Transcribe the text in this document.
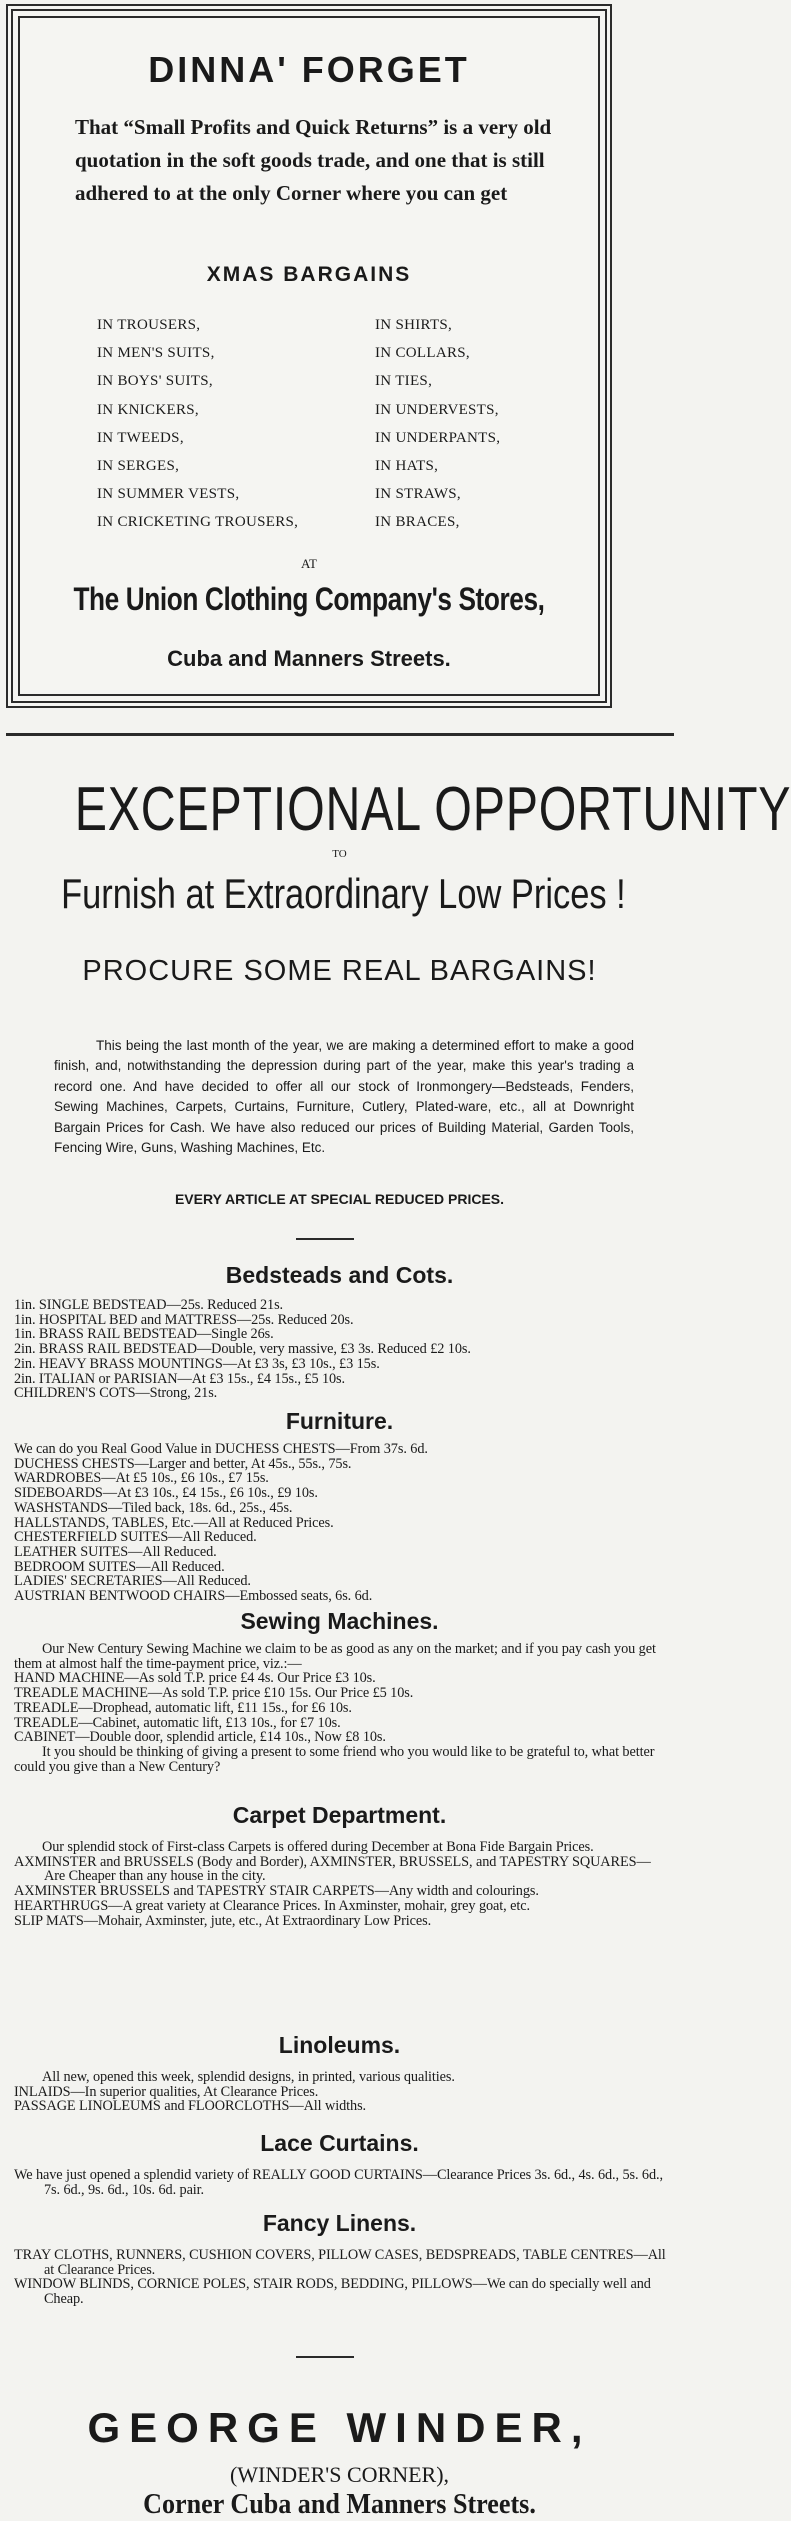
DINNA' FORGET
That “Small Profits and Quick Returns” is a very old quotation in the soft goods trade, and one that is still adhered to at the only Corner where you can get
XMAS BARGAINS
IN TROUSERS,
IN MEN'S SUITS,
IN BOYS' SUITS,
IN KNICKERS,
IN TWEEDS,
IN SERGES,
IN SUMMER VESTS,
IN CRICKETING TROUSERS,
IN SHIRTS,
IN COLLARS,
IN TIES,
IN UNDERVESTS,
IN UNDERPANTS,
IN HATS,
IN STRAWS,
IN BRACES,
AT
The Union Clothing Company's Stores,
Cuba and Manners Streets.
EXCEPTIONAL OPPORTUNITY
TO
Furnish at Extraordinary Low Prices !
PROCURE SOME REAL BARGAINS!
This being the last month of the year, we are making a determined effort to make a good finish, and, notwithstanding the depression during part of the year, make this year's trading a record one. And have decided to offer all our stock of Ironmongery—Bedsteads, Fenders, Sewing Machines, Carpets, Curtains, Furniture, Cutlery, Plated-ware, etc., all at Downright Bargain Prices for Cash. We have also reduced our prices of Building Material, Garden Tools, Fencing Wire, Guns, Washing Machines, Etc.
EVERY ARTICLE AT SPECIAL REDUCED PRICES.
Bedsteads and Cots.

1in. SINGLE BEDSTEAD—25s. Reduced 21s.

1in. HOSPITAL BED and MATTRESS—25s. Reduced 20s.

1in. BRASS RAIL BEDSTEAD—Single 26s.

2in. BRASS RAIL BEDSTEAD—Double, very massive, £3 3s. Reduced £2 10s.

2in. HEAVY BRASS MOUNTINGS—At £3 3s, £3 10s., £3 15s.

2in. ITALIAN or PARISIAN—At £3 15s., £4 15s., £5 10s.

CHILDREN'S COTS—Strong, 21s.

Furniture.

We can do you Real Good Value in DUCHESS CHESTS—From 37s. 6d.

DUCHESS CHESTS—Larger and better, At 45s., 55s., 75s.

WARDROBES—At £5 10s., £6 10s., £7 15s.

SIDEBOARDS—At £3 10s., £4 15s., £6 10s., £9 10s.

WASHSTANDS—Tiled back, 18s. 6d., 25s., 45s.

HALLSTANDS, TABLES, Etc.—All at Reduced Prices.

CHESTERFIELD SUITES—All Reduced.

LEATHER SUITES—All Reduced.

BEDROOM SUITES—All Reduced.

LADIES' SECRETARIES—All Reduced.

AUSTRIAN BENTWOOD CHAIRS—Embossed seats, 6s. 6d.

Sewing Machines.

Our New Century Sewing Machine we claim to be as good as any on the market; and if you pay cash you get them at almost half the time-payment price, viz.:—

HAND MACHINE—As sold T.P. price £4 4s. Our Price £3 10s.

TREADLE MACHINE—As sold T.P. price £10 15s. Our Price £5 10s.

TREADLE—Drophead, automatic lift, £11 15s., for £6 10s.

TREADLE—Cabinet, automatic lift, £13 10s., for £7 10s.

CABINET—Double door, splendid article, £14 10s., Now £8 10s.

It you should be thinking of giving a present to some friend who you would like to be grateful to, what better could you give than a New Century?

Carpet Department.

Our splendid stock of First-class Carpets is offered during December at Bona Fide Bargain Prices.

AXMINSTER and BRUSSELS (Body and Border), AXMINSTER, BRUSSELS, and TAPESTRY SQUARES—Are Cheaper than any house in the city.

AXMINSTER BRUSSELS and TAPESTRY STAIR CARPETS—Any width and colourings.

HEARTHRUGS—A great variety at Clearance Prices. In Axminster, mohair, grey goat, etc.

SLIP MATS—Mohair, Axminster, jute, etc., At Extraordinary Low Prices.

Linoleums.

All new, opened this week, splendid designs, in printed, various qualities.

INLAIDS—In superior qualities, At Clearance Prices.

PASSAGE LINOLEUMS and FLOORCLOTHS—All widths.

Lace Curtains.

We have just opened a splendid variety of REALLY GOOD CURTAINS—Clearance Prices 3s. 6d., 4s. 6d., 5s. 6d., 7s. 6d., 9s. 6d., 10s. 6d. pair.

Fancy Linens.

TRAY CLOTHS, RUNNERS, CUSHION COVERS, PILLOW CASES, BEDSPREADS, TABLE CENTRES—All at Clearance Prices.

WINDOW BLINDS, CORNICE POLES, STAIR RODS, BEDDING, PILLOWS—We can do specially well and Cheap.

GEORGE WINDER,
(WINDER'S CORNER),
Corner Cuba and Manners Streets.
